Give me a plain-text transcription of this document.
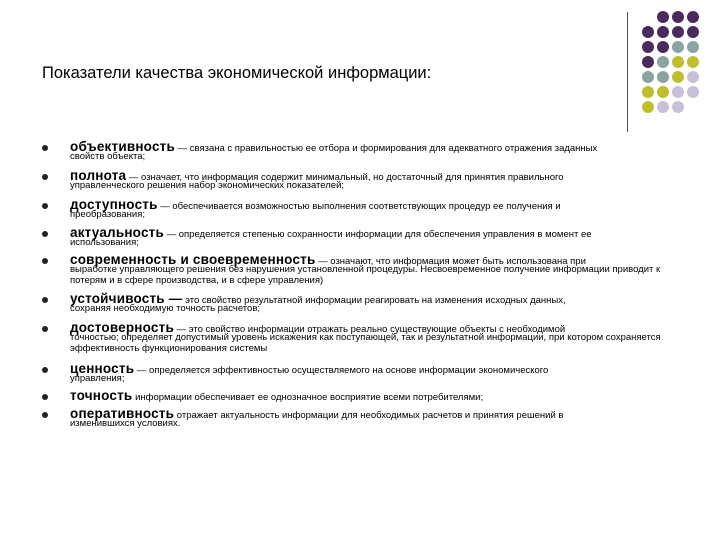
Показатели качества экономической информации:
объективность — связана с правильностью ее отбора и формирования для адекватного отражения заданных
свойств объекта;
полнота — означает, что информация содержит минимальный, но достаточный для принятия правильного
управленческого решения набор экономических показателей;
доступность — обеспечивается возможностью выполнения соответствующих процедур ее получения и
преобразования;
актуальность — определяется степенью сохранности информации для обеспечения управления в момент ее
использования;
современность и своевременность — означают, что информация может быть использована при
выработке управляющего решения без нарушения установленной процедуры. Несвоевременное получение информации приводит к потерям и в сфере производства, и в сфере управления)
устойчивость — это свойство результатной информации реагировать на изменения исходных данных,
сохраняя необходимую точность расчетов;
достоверность — это свойство информации отражать реально существующие объекты с необходимой
точностью; определяет допустимый уровень искажения как поступающей, так и результатной информации, при котором сохраняется эффективность функционирования системы
ценность — определяется эффективностью осуществляемого на основе информации экономического
управления;
точность информации обеспечивает ее однозначное восприятие всеми потребителями;
оперативность отражает актуальность информации для необходимых расчетов и принятия решений в
изменившихся условиях.
